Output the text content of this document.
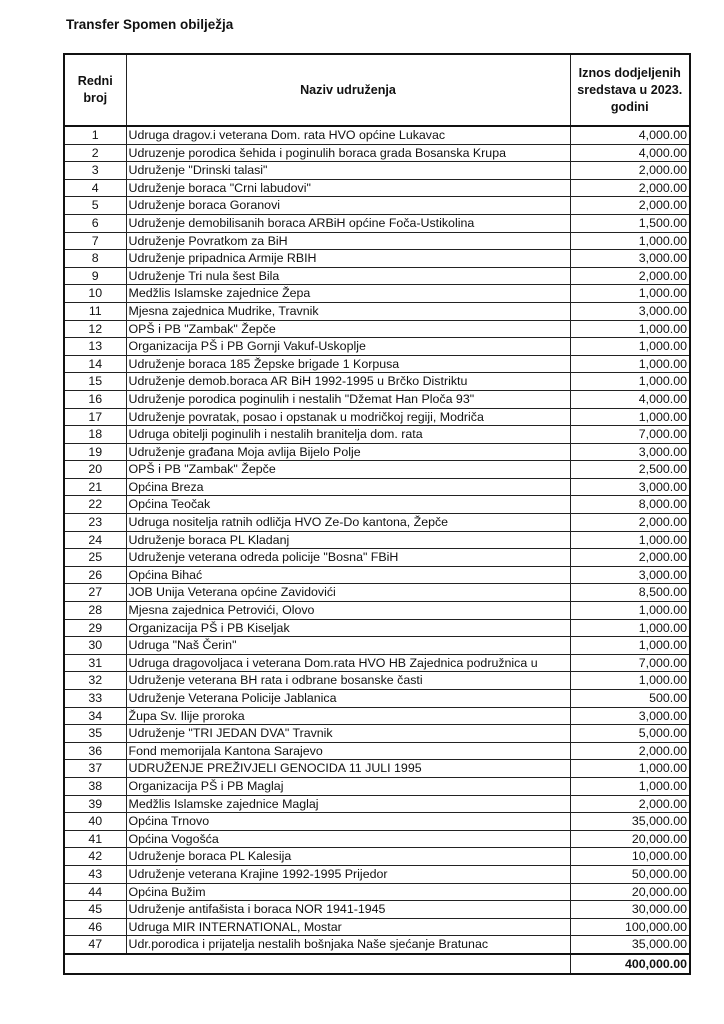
Transfer Spomen obilježja
Redni broj	Naziv udruženja	Iznos dodjeljenih sredstava u 2023. godini
1	Udruga dragov.i veterana Dom. rata HVO općine Lukavac	4,000.00
2	Udruzenje porodica šehida i poginulih boraca grada Bosanska Krupa	4,000.00
3	Udruženje "Drinski talasi"	2,000.00
4	Udruženje boraca "Crni labudovi"	2,000.00
5	Udruženje boraca Goranovi	2,000.00
6	Udruženje demobilisanih boraca ARBiH općine Foča-Ustikolina	1,500.00
7	Udruženje Povratkom za BiH	1,000.00
8	Udruženje pripadnica Armije RBIH	3,000.00
9	Udruženje Tri nula šest Bila	2,000.00
10	Medžlis Islamske zajednice Žepa	1,000.00
11	Mjesna zajednica Mudrike, Travnik	3,000.00
12	OPŠ i PB "Zambak" Žepče	1,000.00
13	Organizacija PŠ i PB Gornji Vakuf-Uskoplje	1,000.00
14	Udruženje boraca 185 Žepske brigade 1 Korpusa	1,000.00
15	Udruženje demob.boraca AR BiH 1992-1995 u Brčko Distriktu	1,000.00
16	Udruženje porodica poginulih i nestalih "Džemat Han Ploča 93"	4,000.00
17	Udruženje povratak, posao i opstanak u modričkoj regiji, Modriča	1,000.00
18	Udruga obitelji poginulih i nestalih branitelja dom. rata	7,000.00
19	Udruženje građana Moja avlija Bijelo Polje	3,000.00
20	OPŠ i PB "Zambak" Žepče	2,500.00
21	Općina Breza	3,000.00
22	Općina Teočak	8,000.00
23	Udruga nositelja ratnih odličja HVO Ze-Do kantona, Žepče	2,000.00
24	Udruženje boraca PL Kladanj	1,000.00
25	Udruženje veterana odreda policije "Bosna" FBiH	2,000.00
26	Općina Bihać	3,000.00
27	JOB Unija Veterana općine Zavidovići	8,500.00
28	Mjesna zajednica Petrovići, Olovo	1,000.00
29	Organizacija PŠ i PB Kiseljak	1,000.00
30	Udruga "Naš Čerin"	1,000.00
31	Udruga dragovoljaca i veterana Dom.rata HVO HB Zajednica podružnica u	7,000.00
32	Udruženje veterana BH rata i odbrane bosanske časti	1,000.00
33	Udruženje Veterana Policije Jablanica	500.00
34	Župa Sv. Ilije proroka	3,000.00
35	Udruženje "TRI JEDAN DVA" Travnik	5,000.00
36	Fond memorijala Kantona Sarajevo	2,000.00
37	UDRUŽENJE PREŽIVJELI GENOCIDA 11 JULI 1995	1,000.00
38	Organizacija PŠ i PB Maglaj	1,000.00
39	Medžlis Islamske zajednice Maglaj	2,000.00
40	Općina Trnovo	35,000.00
41	Općina Vogošća	20,000.00
42	Udruženje boraca PL Kalesija	10,000.00
43	Udruženje veterana Krajine 1992-1995 Prijedor	50,000.00
44	Općina Bužim	20,000.00
45	Udruženje antifašista i boraca NOR 1941-1945	30,000.00
46	Udruga MIR INTERNATIONAL, Mostar	100,000.00
47	Udr.porodica i prijatelja nestalih bošnjaka Naše sjećanje Bratunac	35,000.00
		400,000.00
